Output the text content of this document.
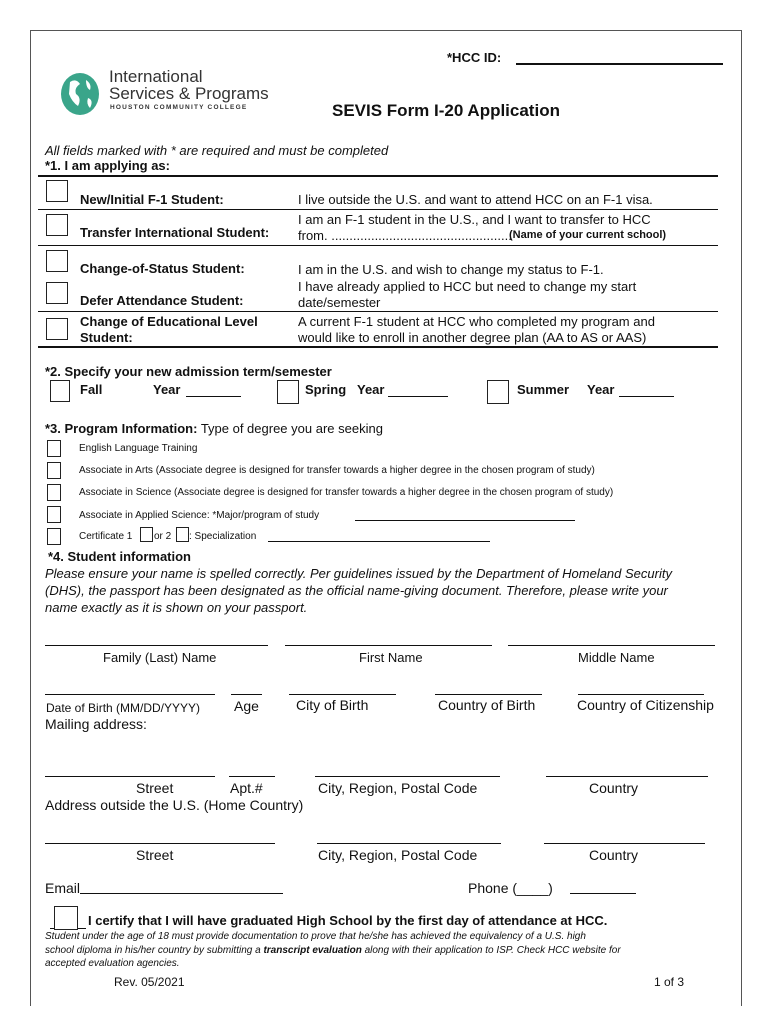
*HCC ID:
International
Services & Programs
HOUSTON COMMUNITY COLLEGE	SEVIS Form I-20 Application
All fields marked with * are required and must be completed
*1. I am applying as:
New/Initial F-1 Student:	I live outside the U.S. and want to attend HCC on an F-1 visa.
Transfer International Student:
I am an F-1 student in the U.S., and I want to transfer to HCC
from. ..................................................
(Name of your current school)
Change-of-Status Student:	I am in the U.S. and wish to change my status to F-1.
Defer Attendance Student:
I have already applied to HCC but need to change my start
date/semester
Change of Educational Level
Student:
A current F-1 student at HCC who completed my program and
would like to enroll in another degree plan (AA to AS or AAS)
*2. Specify your new admission term/semester
Fall	Year	Spring Year	Summer Year
*3. Program Information: Type of degree you are seeking
English Language Training
Associate in Arts (Associate degree is designed for transfer towards a higher degree in the chosen program of study)
Associate in Science (Associate degree is designed for transfer towards a higher degree in the chosen program of study)
Associate in Applied Science: *Major/program of study
Certificate 1 or 2 : Specialization
*4. Student information
Please ensure your name is spelled correctly. Per guidelines issued by the Department of Homeland Security
(DHS), the passport has been designated as the official name-giving document. Therefore, please write your
name exactly as it is shown on your passport.
Family (Last) Name	First Name	Middle Name
Date of Birth (MM/DD/YYYY) Age	City of Birth	Country of Birth	Country of Citizenship
Mailing address:
Street	Apt.#	City, Region, Postal Code	Country
Address outside the U.S. (Home Country)
Street	City, Region, Postal Code	Country
Email	Phone (____)
I certify that I will have graduated High School by the first day of attendance at HCC.
Student under the age of 18 must provide documentation to prove that he/she has achieved the equivalency of a U.S. high
school diploma in his/her country by submitting a transcript evaluation along with their application to ISP. Check HCC website for
accepted evaluation agencies.
Rev. 05/2021	1 of 3
